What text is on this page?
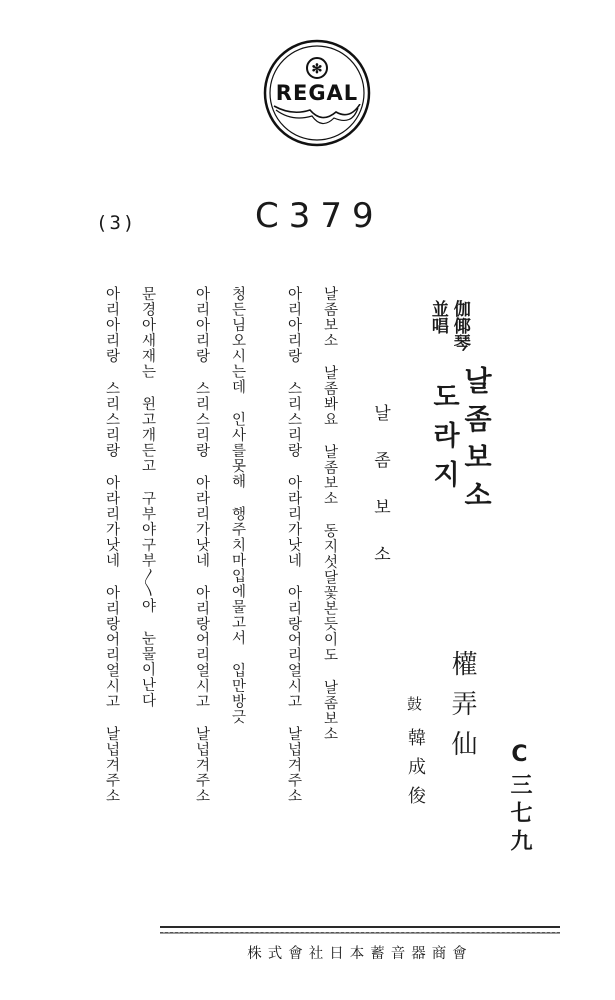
✻
REGAL
(3)	C379
날좀보소 날좀봐요 날좀보소 동지섯달꽃본듯이도 날좀보소
아리아리랑 스리스리랑 아라리가낫네 아리랑어리얼시고 날넙겨주소
청든님오시는데 인사를못해 행주치마입에물고서 입만방긋
아리아리랑 스리스리랑 아라리가낫네 아리랑어리얼시고 날넙겨주소
문경아새재는 윈고개든고 구부야구부〳〵야 눈물이난다
아리아리랑 스리스리랑 아라리가낫네 아리랑어리얼시고 날넙겨주소	날좀보소
伽倻琴
並唱
날좀보소
도라지
權弄仙
鼓
韓成俊	C三七九
株式會社日本蓄音器商會
